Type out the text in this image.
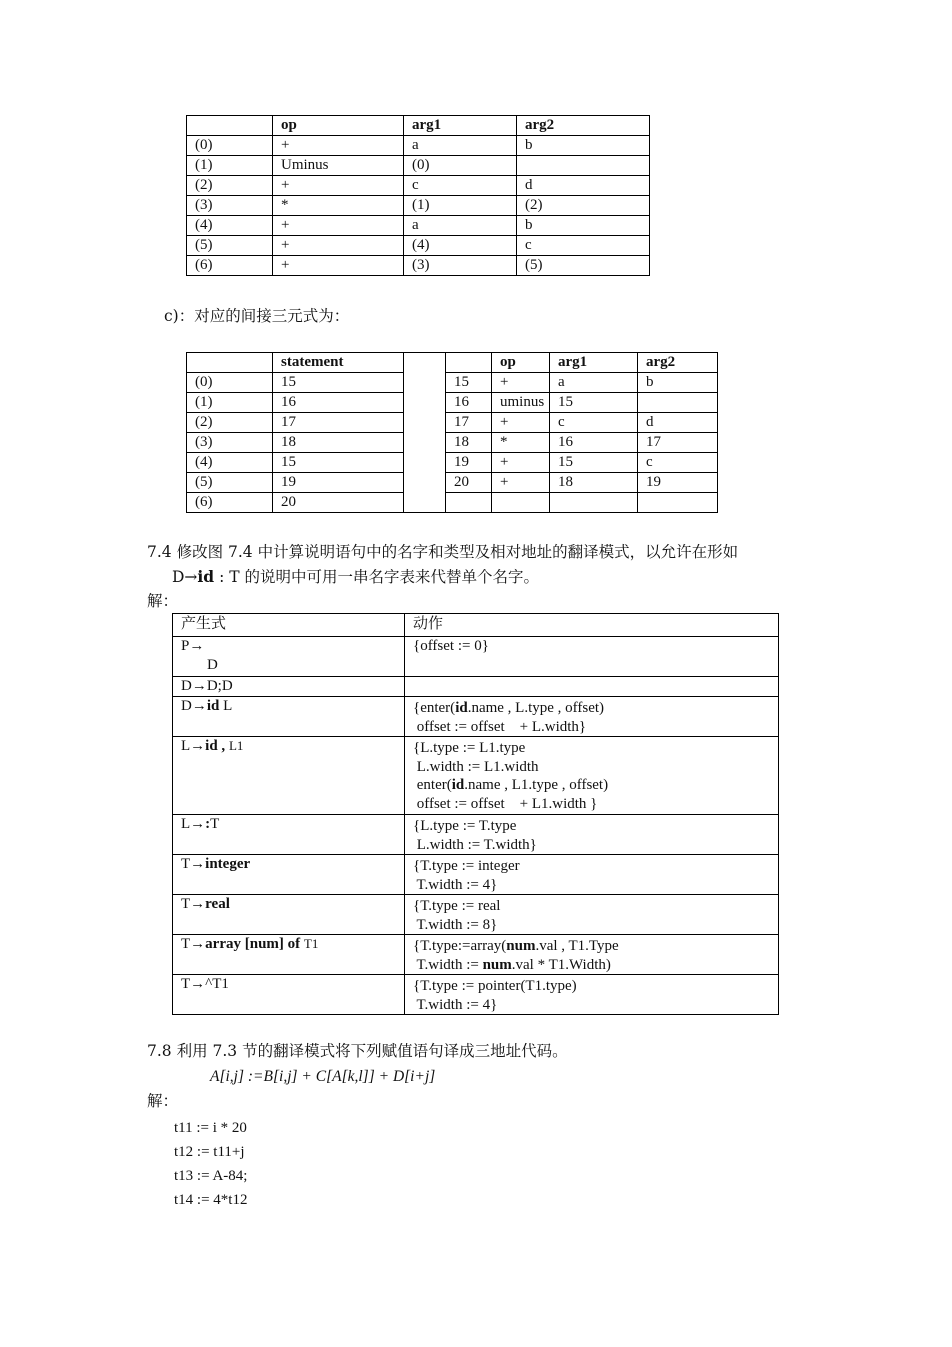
	op	arg1	arg2
(0)	+	a	b
(1)	Uminus	(0)	
(2)	+	c	d
(3)	*	(1)	(2)
(4)	+	a	b
(5)	+	(4)	c
(6)	+	(3)	(5)
c)：对应的间接三元式为：
	statement			op	arg1	arg2
(0)	15		15	+	a	b
(1)	16		16	uminus	15	
(2)	17		17	+	c	d
(3)	18		18	*	16	17
(4)	15		19	+	15	c
(5)	19		20	+	18	19
(6)	20					
7.4 修改图 7.4 中计算说明语句中的名字和类型及相对地址的翻译模式，以允许在形如
D→id : T 的说明中可用一串名字表来代替单个名字。
解：
产生式	动作
P→
D	{offset := 0}
D→D;D	
D→id L	{enter(id.name , L.type , offset)
offset := offset    + L.width}
L→id , L1	{L.type := L1.type
L.width := L1.width
enter(id.name , L1.type , offset)
offset := offset    + L1.width }
L→:T	{L.type := T.type
L.width := T.width}
T→integer	{T.type := integer
T.width := 4}
T→real	{T.type := real
T.width := 8}
T→array [num] of T1	{T.type:=array(num.val , T1.Type
T.width := num.val * T1.Width)
T→^T1	{T.type := pointer(T1.type)
T.width := 4}
7.8 利用 7.3 节的翻译模式将下列赋值语句译成三地址代码。
A[i,j] :=B[i,j] + C[A[k,l]] + D[i+j]
解：
t11 := i * 20
t12 := t11+j
t13 := A-84;
t14 := 4*t12
